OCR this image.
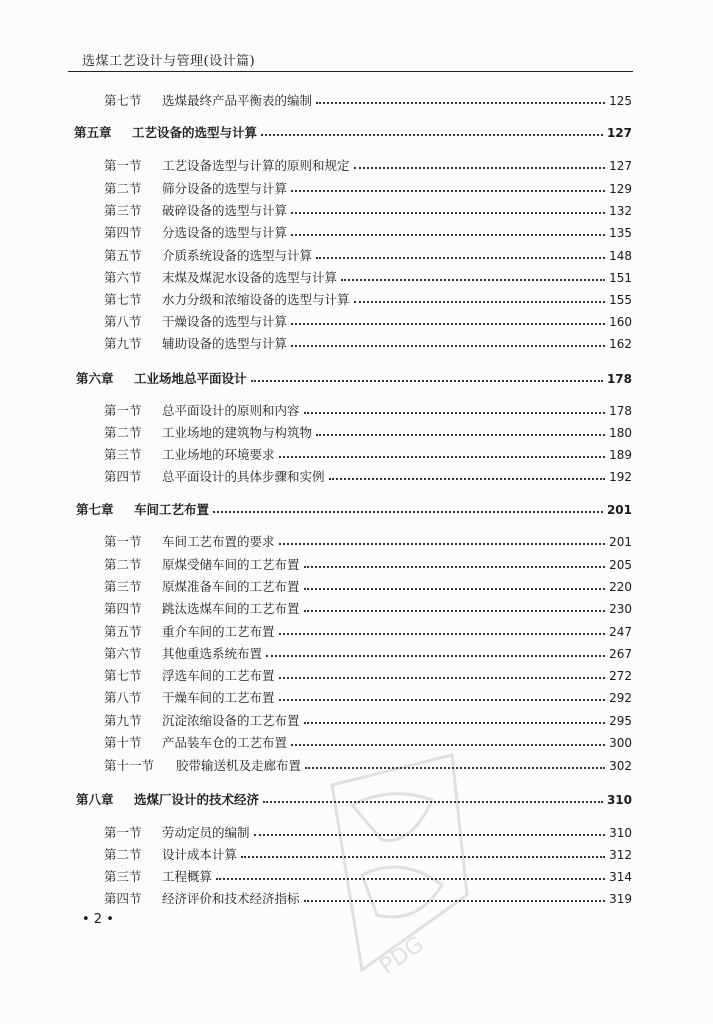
选煤工艺设计与管理(设计篇)
第七节	选煤最终产品平衡表的编制	125
第五章	工艺设备的选型与计算	127
第一节	工艺设备选型与计算的原则和规定	127
第二节	筛分设备的选型与计算	129
第三节	破碎设备的选型与计算	132
第四节	分选设备的选型与计算	135
第五节	介质系统设备的选型与计算	148
第六节	末煤及煤泥水设备的选型与计算	151
第七节	水力分级和浓缩设备的选型与计算	155
第八节	干燥设备的选型与计算	160
第九节	辅助设备的选型与计算	162
第六章	工业场地总平面设计	178
第一节	总平面设计的原则和内容	178
第二节	工业场地的建筑物与构筑物	180
第三节	工业场地的环境要求	189
第四节	总平面设计的具体步骤和实例	192
第七章	车间工艺布置	201
第一节	车间工艺布置的要求	201
第二节	原煤受储车间的工艺布置	205
第三节	原煤准备车间的工艺布置	220
第四节	跳汰选煤车间的工艺布置	230
第五节	重介车间的工艺布置	247
第六节	其他重选系统布置	267
第七节	浮选车间的工艺布置	272
第八节	干燥车间的工艺布置	292
第九节	沉淀浓缩设备的工艺布置	295
第十节	产品装车仓的工艺布置	300
第十一节	胶带输送机及走廊布置	302
第八章	选煤厂设计的技术经济	310
第一节	劳动定员的编制	310
第二节	设计成本计算	312
第三节	工程概算	314
第四节	经济评价和技术经济指标	319
• 2 •
PDG
